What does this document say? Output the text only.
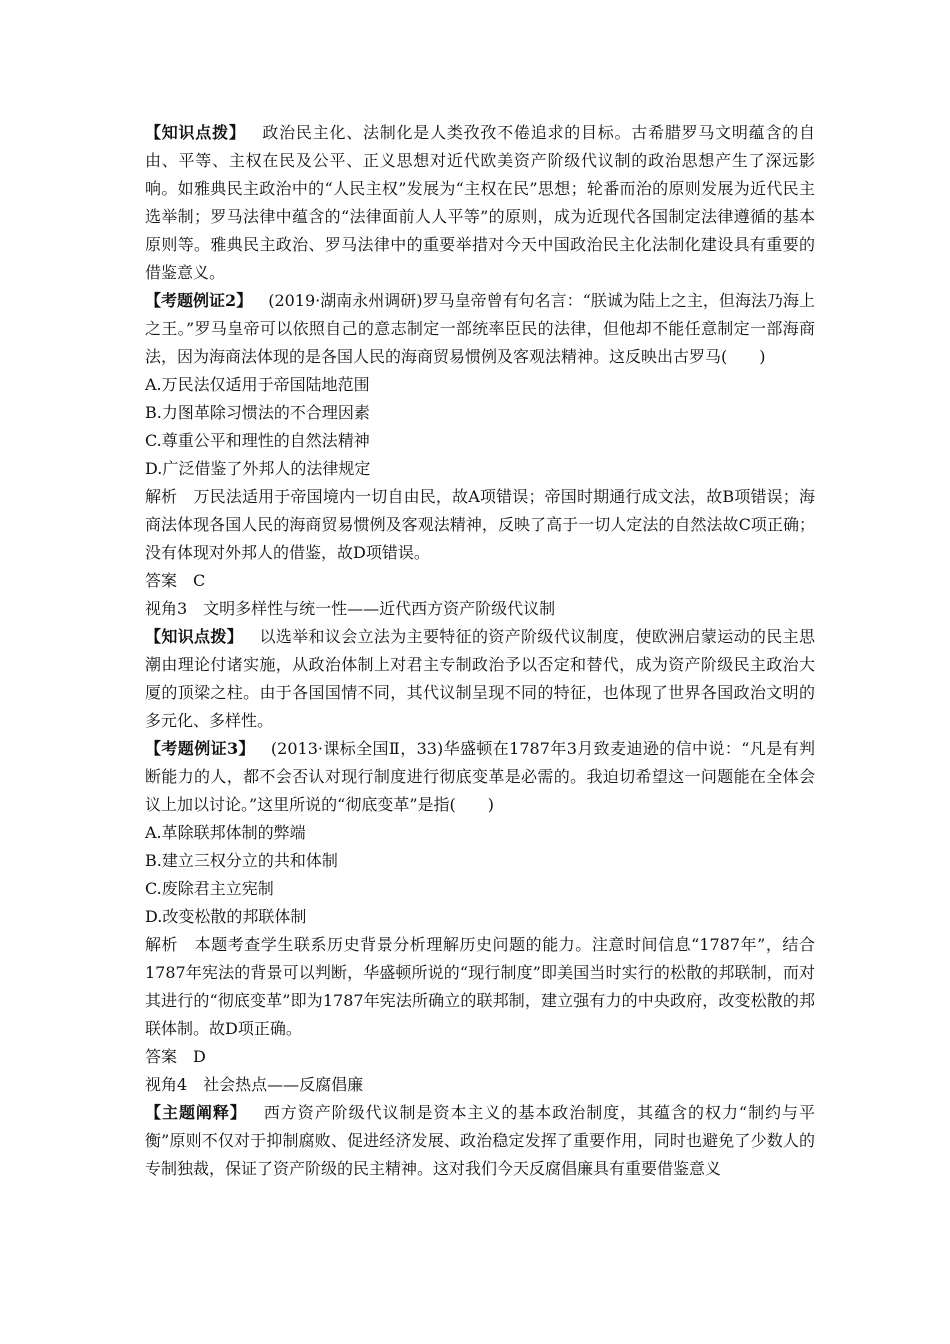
【知识点拨】 政治民主化、法制化是人类孜孜不倦追求的目标。古希腊罗马文明蕴含的自由、平等、主权在民及公平、正义思想对近代欧美资产阶级代议制的政治思想产生了深远影响。如雅典民主政治中的“人民主权”发展为“主权在民”思想；轮番而治的原则发展为近代民主选举制；罗马法律中蕴含的“法律面前人人平等”的原则，成为近现代各国制定法律遵循的基本原则等。雅典民主政治、罗马法律中的重要举措对今天中国政治民主化法制化建设具有重要的借鉴意义。

【考题例证2】 (2019·湖南永州调研)罗马皇帝曾有句名言：“朕诚为陆上之主，但海法乃海上之王。”罗马皇帝可以依照自己的意志制定一部统率臣民的法律，但他却不能任意制定一部海商法，因为海商法体现的是各国人民的海商贸易惯例及客观法精神。这反映出古罗马(　　)

A.万民法仅适用于帝国陆地范围

B.力图革除习惯法的不合理因素

C.尊重公平和理性的自然法精神

D.广泛借鉴了外邦人的法律规定

解析 万民法适用于帝国境内一切自由民，故A项错误；帝国时期通行成文法，故B项错误；海商法体现各国人民的海商贸易惯例及客观法精神，反映了高于一切人定法的自然法故C项正确；没有体现对外邦人的借鉴，故D项错误。

答案 C

视角3　文明多样性与统一性——近代西方资产阶级代议制

【知识点拨】 以选举和议会立法为主要特征的资产阶级代议制度，使欧洲启蒙运动的民主思潮由理论付诸实施，从政治体制上对君主专制政治予以否定和替代，成为资产阶级民主政治大厦的顶梁之柱。由于各国国情不同，其代议制呈现不同的特征，也体现了世界各国政治文明的多元化、多样性。

【考题例证3】 (2013·课标全国Ⅱ，33)华盛顿在1787年3月致麦迪逊的信中说：“凡是有判断能力的人，都不会否认对现行制度进行彻底变革是必需的。我迫切希望这一问题能在全体会议上加以讨论。”这里所说的“彻底变革”是指(　　)

A.革除联邦体制的弊端

B.建立三权分立的共和体制

C.废除君主立宪制

D.改变松散的邦联体制

解析 本题考查学生联系历史背景分析理解历史问题的能力。注意时间信息“1787年”，结合1787年宪法的背景可以判断，华盛顿所说的“现行制度”即美国当时实行的松散的邦联制，而对其进行的“彻底变革”即为1787年宪法所确立的联邦制，建立强有力的中央政府，改变松散的邦联体制。故D项正确。

答案 D

视角4　社会热点——反腐倡廉

【主题阐释】 西方资产阶级代议制是资本主义的基本政治制度，其蕴含的权力“制约与平衡”原则不仅对于抑制腐败、促进经济发展、政治稳定发挥了重要作用，同时也避免了少数人的专制独裁，保证了资产阶级的民主精神。这对我们今天反腐倡廉具有重要借鉴意义
